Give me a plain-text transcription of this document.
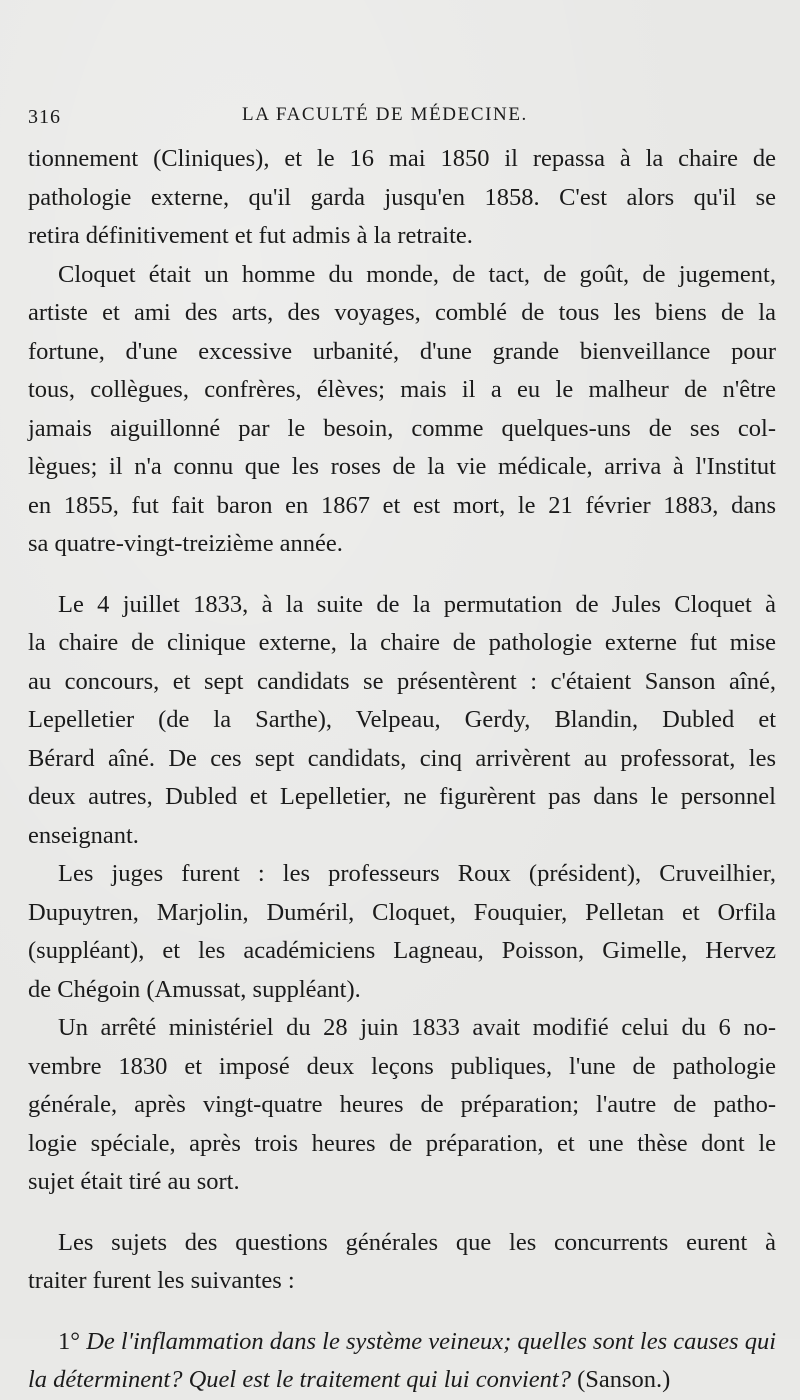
316	LA FACULTÉ DE MÉDECINE.
tionnement (Cliniques), et le 16 mai 1850 il repassa à la chaire de
pathologie externe, qu'il garda jusqu'en 1858. C'est alors qu'il se
retira définitivement et fut admis à la retraite.
Cloquet était un homme du monde, de tact, de goût, de jugement,
artiste et ami des arts, des voyages, comblé de tous les biens de la
fortune, d'une excessive urbanité, d'une grande bienveillance pour
tous, collègues, confrères, élèves; mais il a eu le malheur de n'être
jamais aiguillonné par le besoin, comme quelques-uns de ses col-
lègues; il n'a connu que les roses de la vie médicale, arriva à l'Institut
en 1855, fut fait baron en 1867 et est mort, le 21 février 1883, dans
sa quatre-vingt-treizième année.
Le 4 juillet 1833, à la suite de la permutation de Jules Cloquet à
la chaire de clinique externe, la chaire de pathologie externe fut mise
au concours, et sept candidats se présentèrent : c'étaient Sanson aîné,
Lepelletier (de la Sarthe), Velpeau, Gerdy, Blandin, Dubled et
Bérard aîné. De ces sept candidats, cinq arrivèrent au professorat, les
deux autres, Dubled et Lepelletier, ne figurèrent pas dans le personnel
enseignant.
Les juges furent : les professeurs Roux (président), Cruveilhier,
Dupuytren, Marjolin, Duméril, Cloquet, Fouquier, Pelletan et Orfila
(suppléant), et les académiciens Lagneau, Poisson, Gimelle, Hervez
de Chégoin (Amussat, suppléant).
Un arrêté ministériel du 28 juin 1833 avait modifié celui du 6 no-
vembre 1830 et imposé deux leçons publiques, l'une de pathologie
générale, après vingt-quatre heures de préparation; l'autre de patho-
logie spéciale, après trois heures de préparation, et une thèse dont le
sujet était tiré au sort.
Les sujets des questions générales que les concurrents eurent à
traiter furent les suivantes :
1° De l'inflammation dans le système veineux; quelles sont les causes qui
la déterminent? Quel est le traitement qui lui convient? (Sanson.)
